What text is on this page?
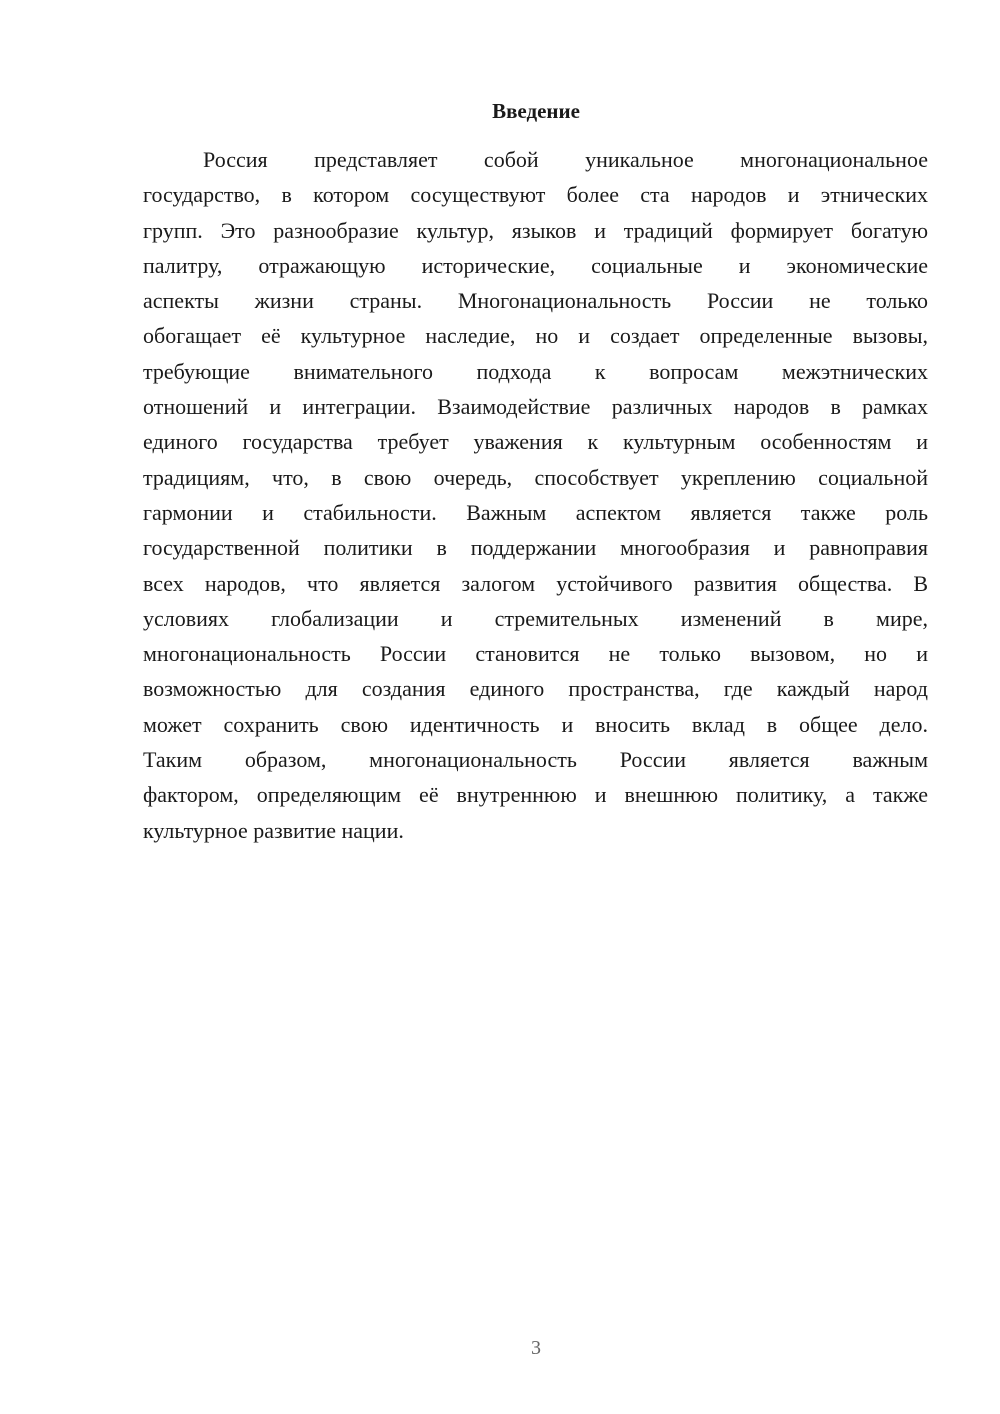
Введение
Россия представляет собой уникальное многонациональное
государство, в котором сосуществуют более ста народов и этнических
групп. Это разнообразие культур, языков и традиций формирует богатую
палитру, отражающую исторические, социальные и экономические
аспекты жизни страны. Многонациональность России не только
обогащает её культурное наследие, но и создает определенные вызовы,
требующие внимательного подхода к вопросам межэтнических
отношений и интеграции. Взаимодействие различных народов в рамках
единого государства требует уважения к культурным особенностям и
традициям, что, в свою очередь, способствует укреплению социальной
гармонии и стабильности. Важным аспектом является также роль
государственной политики в поддержании многообразия и равноправия
всех народов, что является залогом устойчивого развития общества. В
условиях глобализации и стремительных изменений в мире,
многонациональность России становится не только вызовом, но и
возможностью для создания единого пространства, где каждый народ
может сохранить свою идентичность и вносить вклад в общее дело.
Таким образом, многонациональность России является важным
фактором, определяющим её внутреннюю и внешнюю политику, а также
культурное развитие нации.
3
